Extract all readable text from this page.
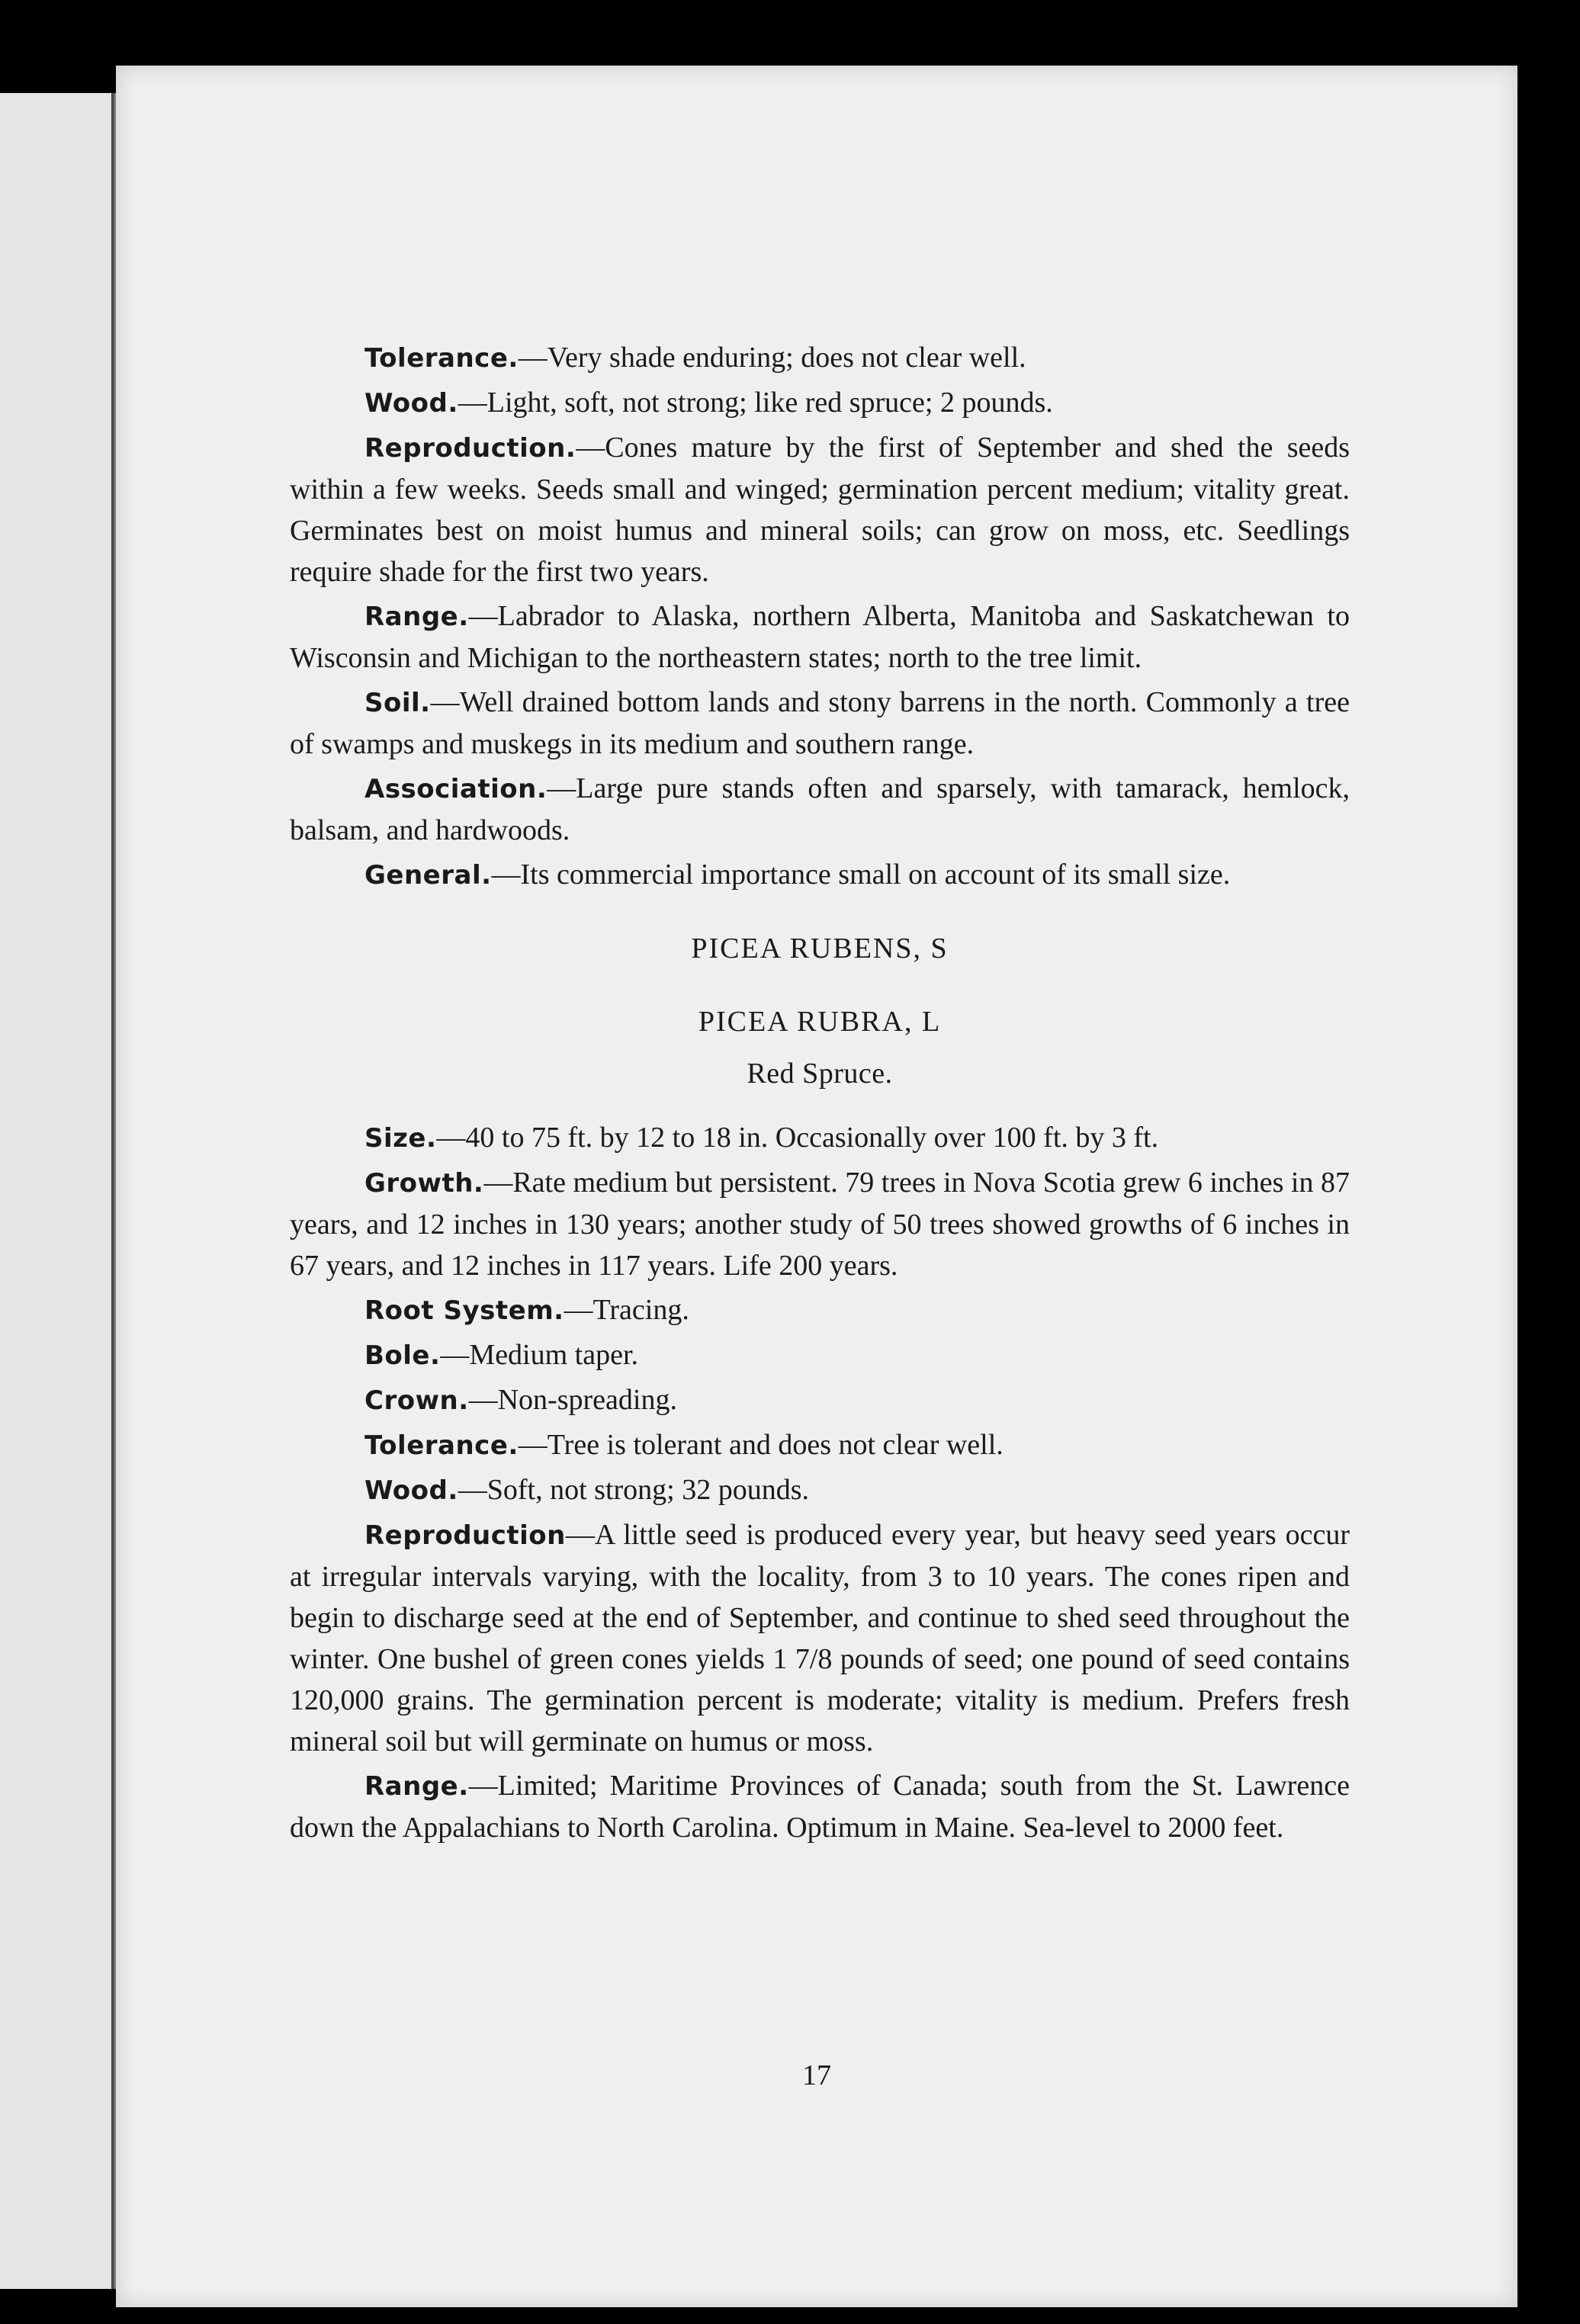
Tolerance.—Very shade enduring; does not clear well.

Wood.—Light, soft, not strong; like red spruce; 2 pounds.

Reproduction.—Cones mature by the first of September and shed the seeds within a few weeks. Seeds small and winged; germination percent medium; vitality great. Germinates best on moist humus and mineral soils; can grow on moss, etc. Seedlings require shade for the first two years.

Range.—Labrador to Alaska, northern Alberta, Manitoba and Saskatchewan to Wisconsin and Michigan to the northeastern states; north to the tree limit.

Soil.—Well drained bottom lands and stony barrens in the north. Commonly a tree of swamps and muskegs in its medium and southern range.

Association.—Large pure stands often and sparsely, with tamarack, hemlock, balsam, and hardwoods.

General.—Its commercial importance small on account of its small size.

PICEA RUBENS, S

PICEA RUBRA, L

Red Spruce.

Size.—40 to 75 ft. by 12 to 18 in. Occasionally over 100 ft. by 3 ft.

Growth.—Rate medium but persistent. 79 trees in Nova Scotia grew 6 inches in 87 years, and 12 inches in 130 years; another study of 50 trees showed growths of 6 inches in 67 years, and 12 inches in 117 years. Life 200 years.

Root System.—Tracing.

Bole.—Medium taper.

Crown.—Non-spreading.

Tolerance.—Tree is tolerant and does not clear well.

Wood.—Soft, not strong; 32 pounds.

Reproduction—A little seed is produced every year, but heavy seed years occur at irregular intervals varying, with the locality, from 3 to 10 years. The cones ripen and begin to discharge seed at the end of September, and continue to shed seed throughout the winter. One bushel of green cones yields 1 7/8 pounds of seed; one pound of seed contains 120,000 grains. The germination percent is moderate; vitality is medium. Prefers fresh mineral soil but will germinate on humus or moss.

Range.—Limited; Maritime Provinces of Canada; south from the St. Lawrence down the Appalachians to North Carolina. Optimum in Maine. Sea-level to 2000 feet.

17
